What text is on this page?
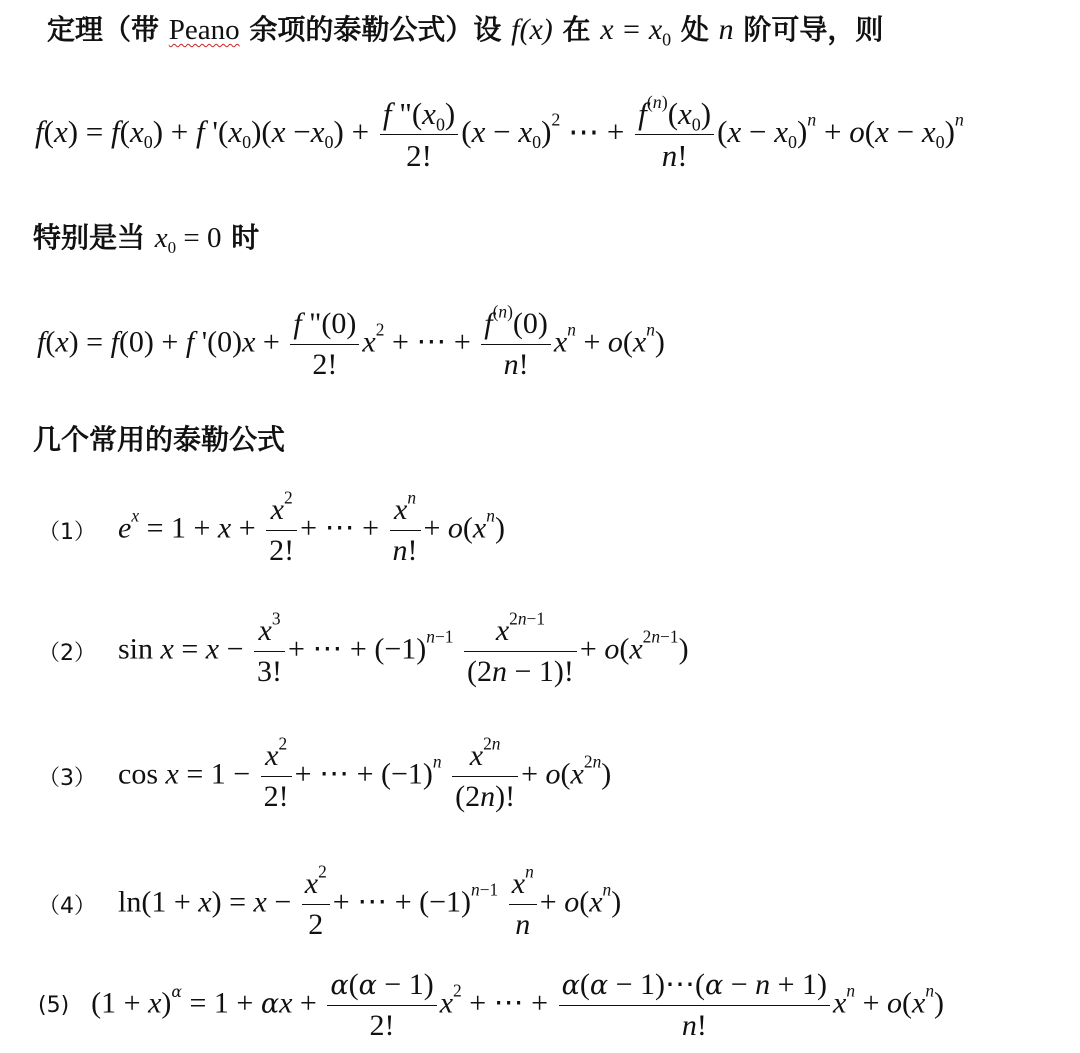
定理（带 Peano 余项的泰勒公式）设 f(x) 在 $x = x_0$ 处 n 阶可导，则
$f(x) = f(x_0) + f$ '$(x_0)(x -x_0) + \frac{f "(x_0)}{2!} (x - x_0)^2$ ⋯ + $\frac{f^{(n)}(x_0)}{n!} (x - x_0)^n + o(x - x_0)^n$
特别是当 $x_0 = 0$ 时
f(x) = f(0) + f '$(0)x + \frac{f "(0)}{2!} x^2$ + ⋯ + $\frac{f^{(n)}(0)}{n!} x^n + o(x^n)$
几个常用的泰勒公式
（1） $e^x = 1 + x + \frac{x^2}{2!}$ + ⋯ + $\frac{x^n}{n!} + o(x^n)$
（2） $\sin x = x - \frac{x^3}{3!}$ + ⋯ + $(-1)^{n-1} \frac{x^{2n-1}}{(2n - 1)!} + o(x^{2n-1})$
（3） $\cos x = 1 - \frac{x^2}{2!}$ + ⋯ + $(-1)^n \frac{x^{2n}}{(2n)!} + o(x^{2n})$
（4） $\ln(1 + x) = x - \frac{x^2}{2}$ + ⋯ + $(-1)^{n-1} \frac{x^n}{n} + o(x^n)$
(5) $(1 + x)^\alpha = 1 + \alpha x + \frac{\alpha(\alpha - 1)}{2!} x^2$ + ⋯ + $\frac{\alpha(\alpha - 1)\cdots(\alpha - n + 1)}{n!} x^n + o(x^n)$
